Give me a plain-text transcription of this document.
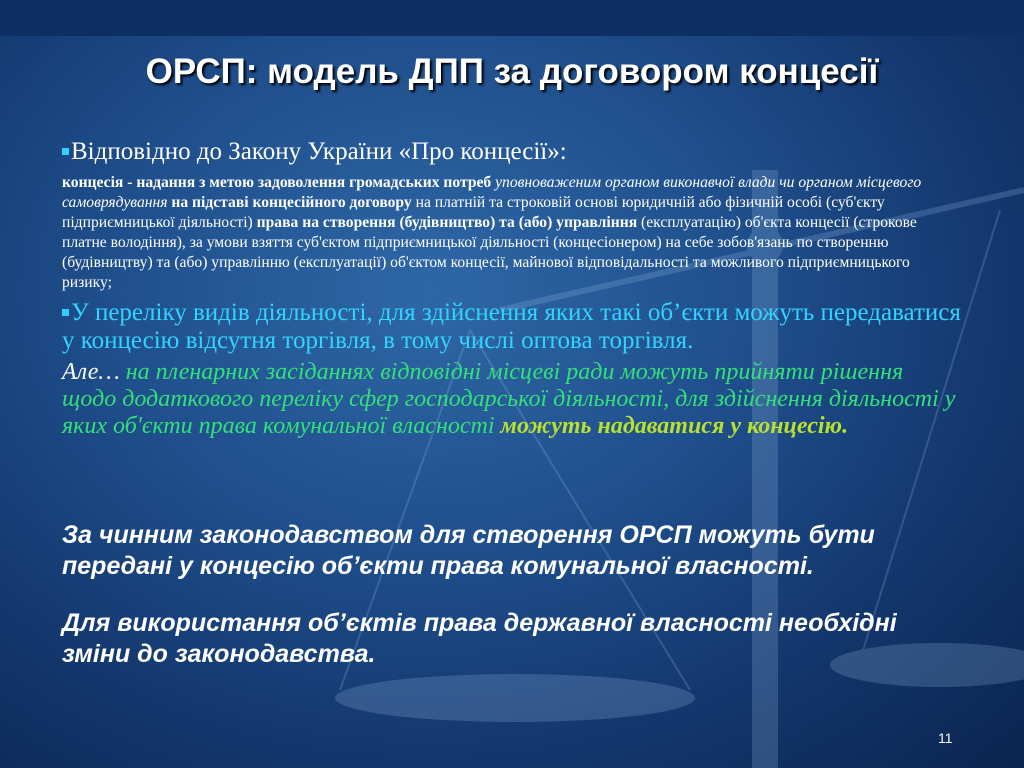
ОРСП: модель ДПП за договором концесії

Відповідно до Закону України «Про концесії»:

концесія - надання з метою задоволення громадських потреб уповноваженим органом виконавчої влади чи органом місцевого самоврядування на підставі концесійного договору на платній та строковій основі юридичній або фізичній особі (суб'єкту підприємницької діяльності) права на створення (будівництво) та (або) управління (експлуатацію) об'єкта концесії (строкове платне володіння), за умови взяття суб'єктом підприємницької діяльності (концесіонером) на себе зобов'язань по створенню (будівництву) та (або) управлінню (експлуатації) об'єктом концесії, майнової відповідальності та можливого підприємницького ризику;

У переліку видів діяльності, для здійснення яких такі об’єкти можуть передаватися у концесію відсутня торгівля, в тому числі оптова торгівля.

Але… на пленарних засіданнях відповідні місцеві ради можуть прийняти рішення щодо додаткового переліку сфер господарської діяльності, для здійснення діяльності у яких об'єкти права комунальної власності можуть надаватися у концесію.

За чинним законодавством для створення ОРСП можуть бути передані у концесію об’єкти права комунальної власності.

Для використання об’єктів права державної власності необхідні зміни до законодавства.

11
